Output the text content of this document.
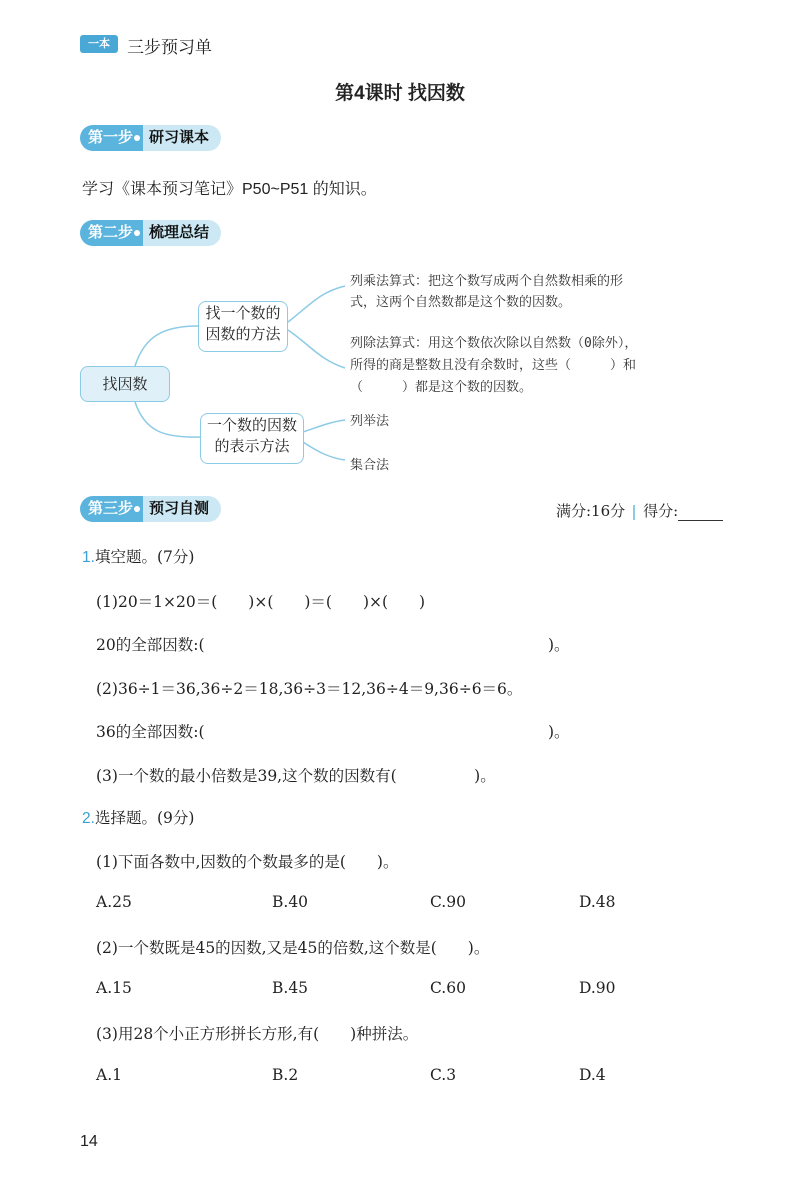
一本	三步预习单
第4课时 找因数
第一步	研习课本
学习《课本预习笔记》P50~P51 的知识。
第二步	梳理总结
找因数
找一个数的
因数的方法
一个数的因数
的表示方法
列乘法算式：把这个数写成两个自然数相乘的形
式，这两个自然数都是这个数的因数。
列除法算式：用这个数依次除以自然数（0除外），
所得的商是整数且没有余数时，这些（　　　）和
（　　　）都是这个数的因数。
列举法
集合法
第三步	预习自测	满分:16分 得分:
1.填空题。(7分)
(1)20＝1×20＝(　　)×(　　)＝(　　)×(　　)
20的全部因数:(	)。
(2)36÷1＝36,36÷2＝18,36÷3＝12,36÷4＝9,36÷6＝6。
36的全部因数:(	)。
(3)一个数的最小倍数是39,这个数的因数有(　　　　　)。
2.选择题。(9分)
(1)下面各数中,因数的个数最多的是(　　)。
A.25	B.40	C.90	D.48
(2)一个数既是45的因数,又是45的倍数,这个数是(　　)。
A.15	B.45	C.60	D.90
(3)用28个小正方形拼长方形,有(　　)种拼法。
A.1	B.2	C.3	D.4
14
